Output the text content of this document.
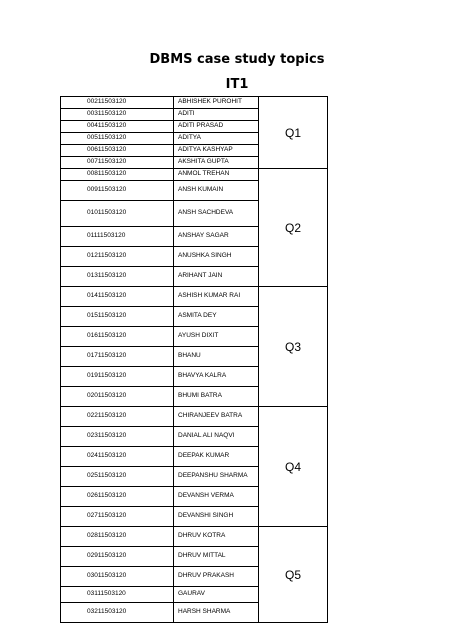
DBMS case study topics
IT1
00211503120	ABHISHEK PUROHIT	Q1
00311503120	ADITI	
00411503120	ADITI PRASAD	
00511503120	ADITYA	
00611503120	ADITYA KASHYAP	
00711503120	AKSHITA GUPTA	
00811503120	ANMOL TREHAN	Q2
00911503120	ANSH KUMAIN	
01011503120	ANSH SACHDEVA	
01111503120	ANSHAY SAGAR	
01211503120	ANUSHKA SINGH	
01311503120	ARIHANT JAIN	
01411503120	ASHISH KUMAR RAI	Q3
01511503120	ASMITA DEY	
01611503120	AYUSH DIXIT	
01711503120	BHANU	
01911503120	BHAVYA KALRA	
02011503120	BHUMI BATRA	
02211503120	CHIRANJEEV BATRA	Q4
02311503120	DANIAL ALI NAQVI	
02411503120	DEEPAK KUMAR	
02511503120	DEEPANSHU SHARMA	
02611503120	DEVANSH VERMA	
02711503120	DEVANSHI SINGH	
02811503120	DHRUV KOTRA	Q5
02911503120	DHRUV MITTAL	
03011503120	DHRUV PRAKASH	
03111503120	GAURAV	
03211503120	HARSH SHARMA	
